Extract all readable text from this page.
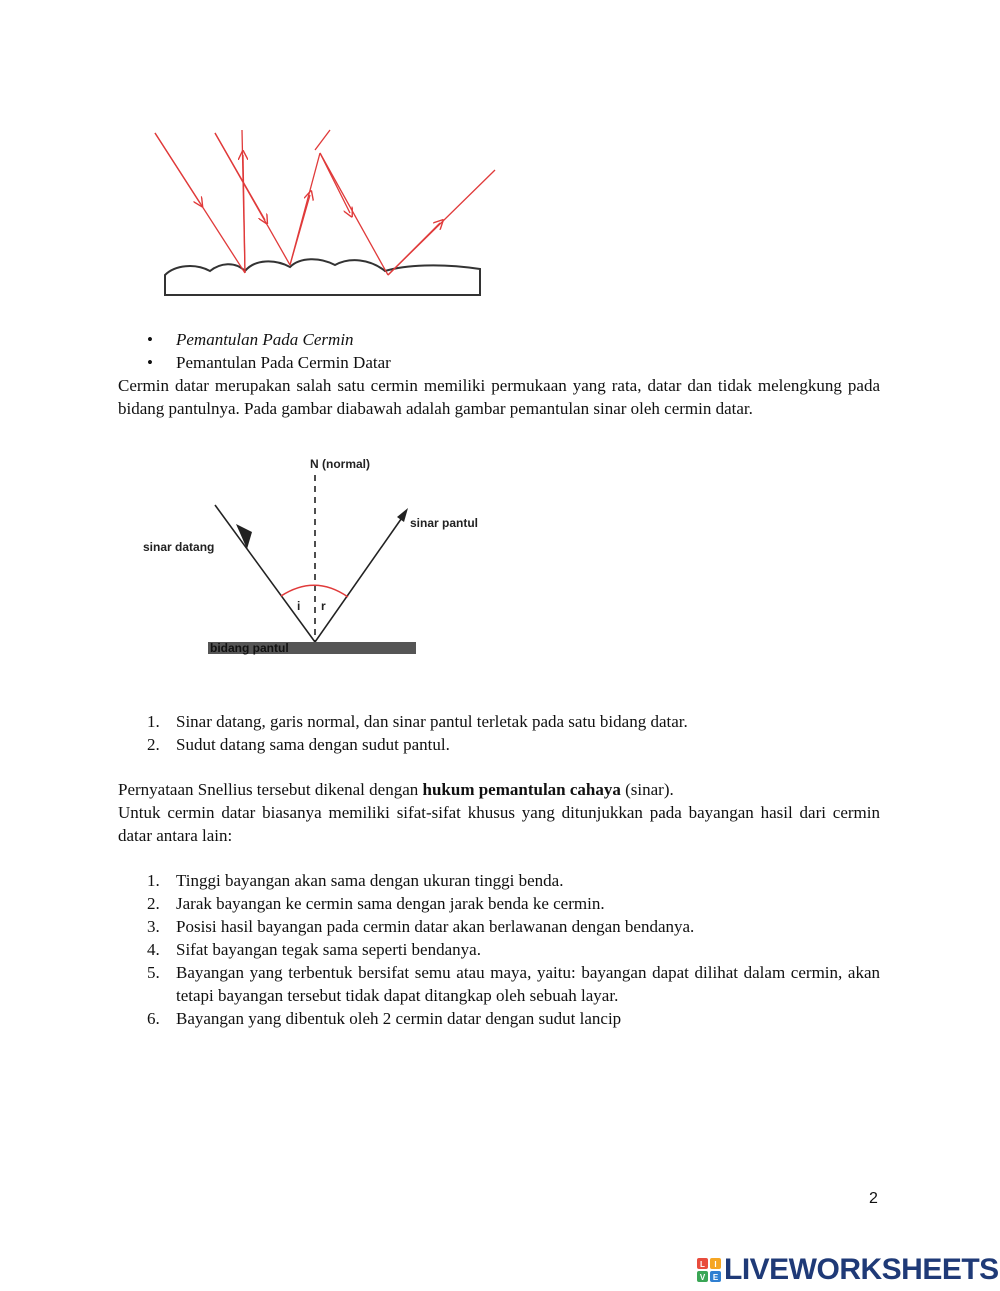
•	Pemantulan Pada Cermin
•	Pemantulan Pada Cermin Datar
Cermin datar merupakan salah satu cermin memiliki permukaan yang rata, datar dan tidak melengkung pada bidang pantulnya. Pada gambar diabawah adalah gambar pemantulan sinar oleh cermin datar.
N (normal)
sinar datang
sinar pantul
i r
bidang pantul
1. Sinar datang, garis normal, dan sinar pantul terletak pada satu bidang datar.
2. Sudut datang sama dengan sudut pantul.
Pernyataan Snellius tersebut dikenal dengan hukum pemantulan cahaya (sinar).
Untuk cermin datar biasanya memiliki sifat-sifat khusus yang ditunjukkan pada bayangan hasil dari cermin datar antara lain:
1. Tinggi bayangan akan sama dengan ukuran tinggi benda.
2. Jarak bayangan ke cermin sama dengan jarak benda ke cermin.
3. Posisi hasil bayangan pada cermin datar akan berlawanan dengan bendanya.
4. Sifat bayangan tegak sama seperti bendanya.
5. Bayangan yang terbentuk bersifat semu atau maya, yaitu: bayangan dapat dilihat dalam cermin, akan tetapi bayangan tersebut tidak dapat ditangkap oleh sebuah layar.
6. Bayangan yang dibentuk oleh 2 cermin datar dengan sudut lancip
2
L I
V E LIVEWORKSHEETS
